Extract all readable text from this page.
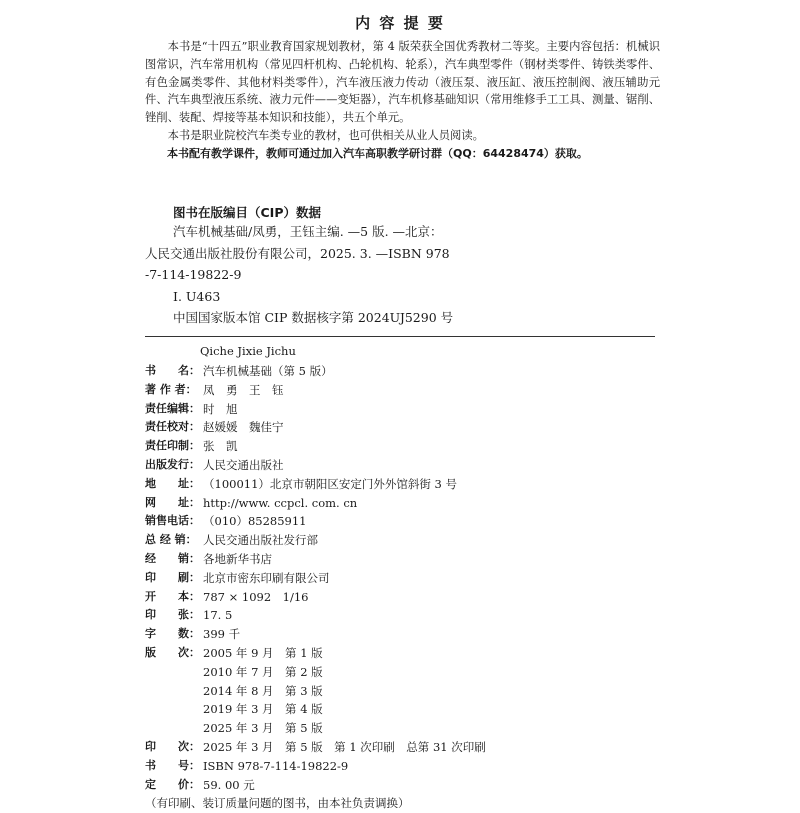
内 容 提 要

本书是“十四五”职业教育国家规划教材，第 4 版荣获全国优秀教材二等奖。主要内容包括：机械识图常识，汽车常用机构（常见四杆机构、凸轮机构、轮系），汽车典型零件（钢材类零件、铸铁类零件、有色金属类零件、其他材料类零件），汽车液压液力传动（液压泵、液压缸、液压控制阀、液压辅助元件、汽车典型液压系统、液力元件——变矩器），汽车机修基础知识（常用维修手工工具、测量、锯削、锉削、装配、焊接等基本知识和技能），共五个单元。

本书是职业院校汽车类专业的教材，也可供相关从业人员阅读。

本书配有教学课件，教师可通过加入汽车高职教学研讨群（QQ：64428474）获取。

图书在版编目（CIP）数据
汽车机械基础/凤勇，王钰主编. —5 版. —北京：
人民交通出版社股份有限公司，2025. 3. —ISBN 978
-7-114-19822-9
Ⅰ. U463
中国国家版本馆 CIP 数据核字第 2024UJ5290 号
Qiche Jixie Jichu
书　　名： 汽车机械基础（第 5 版）
著 作 者： 凤　勇　王　钰
责任编辑： 时　旭
责任校对： 赵媛媛　魏佳宁
责任印制： 张　凯
出版发行： 人民交通出版社
地　　址： （100011）北京市朝阳区安定门外外馆斜街 3 号
网　　址： http://www. ccpcl. com. cn
销售电话： （010）85285911
总 经 销： 人民交通出版社发行部
经　　销： 各地新华书店
印　　刷： 北京市密东印刷有限公司
开　　本： 787 × 1092　1/16
印　　张： 17. 5
字　　数： 399 千
版　　次： 2005 年 9 月　第 1 版
2010 年 7 月　第 2 版
2014 年 8 月　第 3 版
2019 年 3 月　第 4 版
2025 年 3 月　第 5 版
印　　次： 2025 年 3 月　第 5 版　第 1 次印刷　总第 31 次印刷
书　　号： ISBN 978-7-114-19822-9
定　　价： 59. 00 元
（有印刷、装订质量问题的图书，由本社负责调换）
